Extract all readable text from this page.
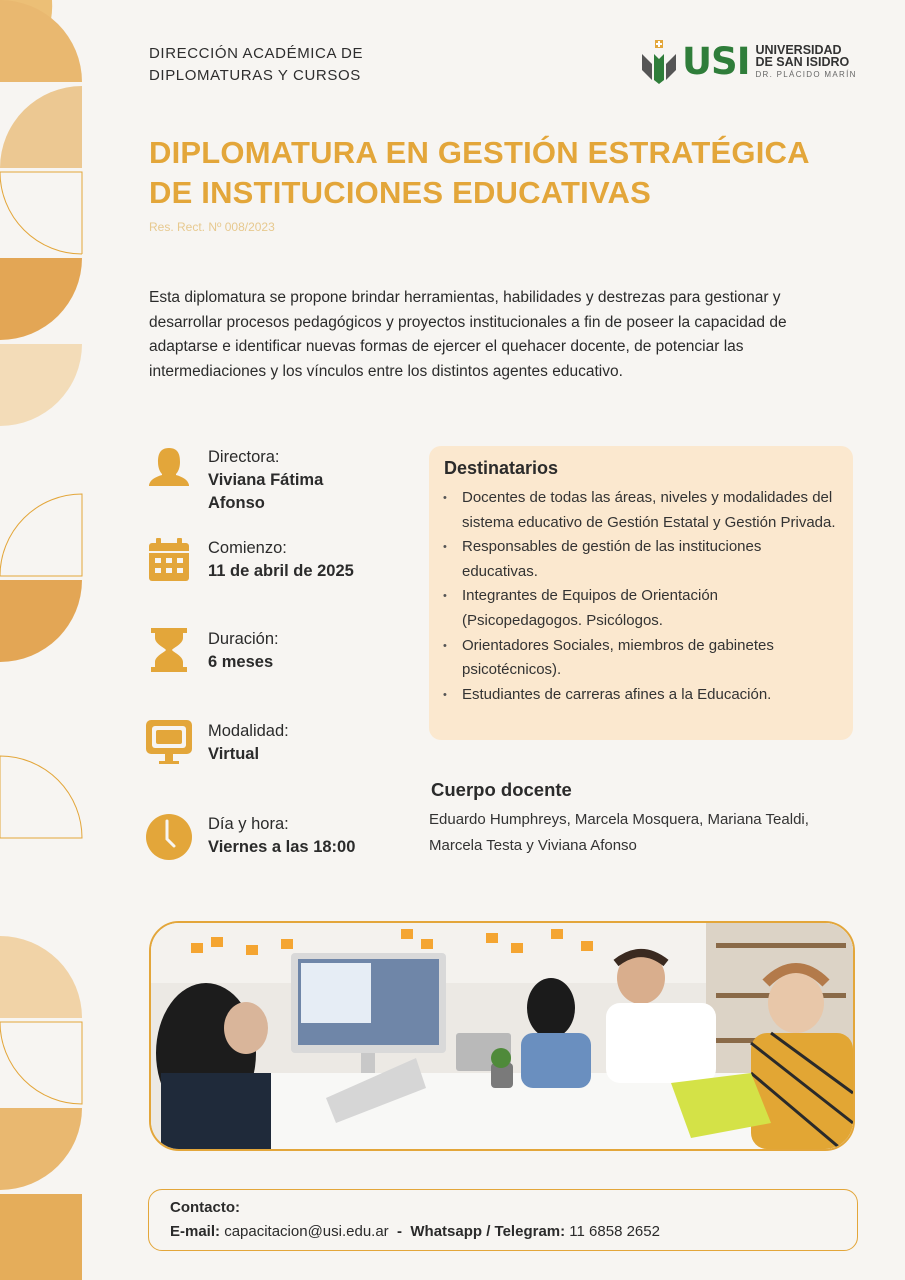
DIRECCIÓN ACADÉMICA DE
DIPLOMATURAS Y CURSOS	USI UNIVERSIDAD
DE SAN ISIDRO
DR. PLÁCIDO MARÍN
DIPLOMATURA EN GESTIÓN ESTRATÉGICA
DE INSTITUCIONES EDUCATIVAS
Res. Rect. Nº 008/2023
Esta diplomatura se propone brindar herramientas, habilidades y destrezas para gestionar y desarrollar procesos pedagógicos y proyectos institucionales a fin de poseer la capacidad de adaptarse e identificar nuevas formas de ejercer el quehacer docente, de potenciar las intermediaciones y los vínculos entre los distintos agentes educativo.
Directora:
Viviana Fátima
Afonso
Comienzo:
11 de abril de 2025
Duración:
6 meses
Modalidad:
Virtual
Día y hora:
Viernes a las 18:00
Destinatarios
• Docentes de todas las áreas, niveles y modalidades del sistema educativo de Gestión Estatal y Gestión Privada.
• Responsables de gestión de las instituciones educativas.
• Integrantes de Equipos de Orientación (Psicopedagogos. Psicólogos.
• Orientadores Sociales, miembros de gabinetes psicotécnicos).
• Estudiantes de carreras afines a la Educación.
Cuerpo docente
Eduardo Humphreys, Marcela Mosquera, Mariana Tealdi, Marcela Testa y Viviana Afonso
Contacto:
E-mail: capacitacion@usi.edu.ar - Whatsapp / Telegram: 11 6858 2652
